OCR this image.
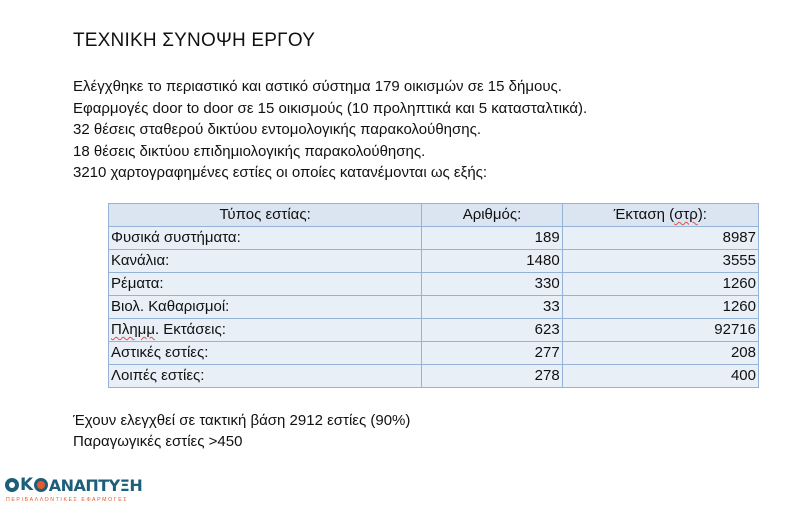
ΤΕΧΝΙΚΗ ΣΥΝΟΨΗ ΕΡΓΟΥ
Ελέγχθηκε το περιαστικό και αστικό σύστημα 179 οικισμών σε 15 δήμους.
Εφαρμογές door to door σε 15 οικισμούς (10 προληπτικά και 5 κατασταλτικά).
32 θέσεις σταθερού δικτύου εντομολογικής παρακολούθησης.
18 θέσεις δικτύου επιδημιολογικής παρακολούθησης.
3210 χαρτογραφημένες εστίες οι οποίες κατανέμονται ως εξής:
Τύπος εστίας:	Αριθμός:	Έκταση (στρ):
Φυσικά συστήματα:	189	8987
Κανάλια:	1480	3555
Ρέματα:	330	1260
Βιολ. Καθαρισμοί:	33	1260
Πλημμ. Εκτάσεις:	623	92716
Αστικές εστίες:	277	208
Λοιπές εστίες:	278	400
Έχουν ελεγχθεί σε τακτική βάση 2912 εστίες (90%)
Παραγωγικές εστίες >450
Κ ΑΝΑΠΤΥΞΗ
ΠΕΡΙΒΑΛΛΟΝΤΙΚΕΣ ΕΦΑΡΜΟΓΕΣ
